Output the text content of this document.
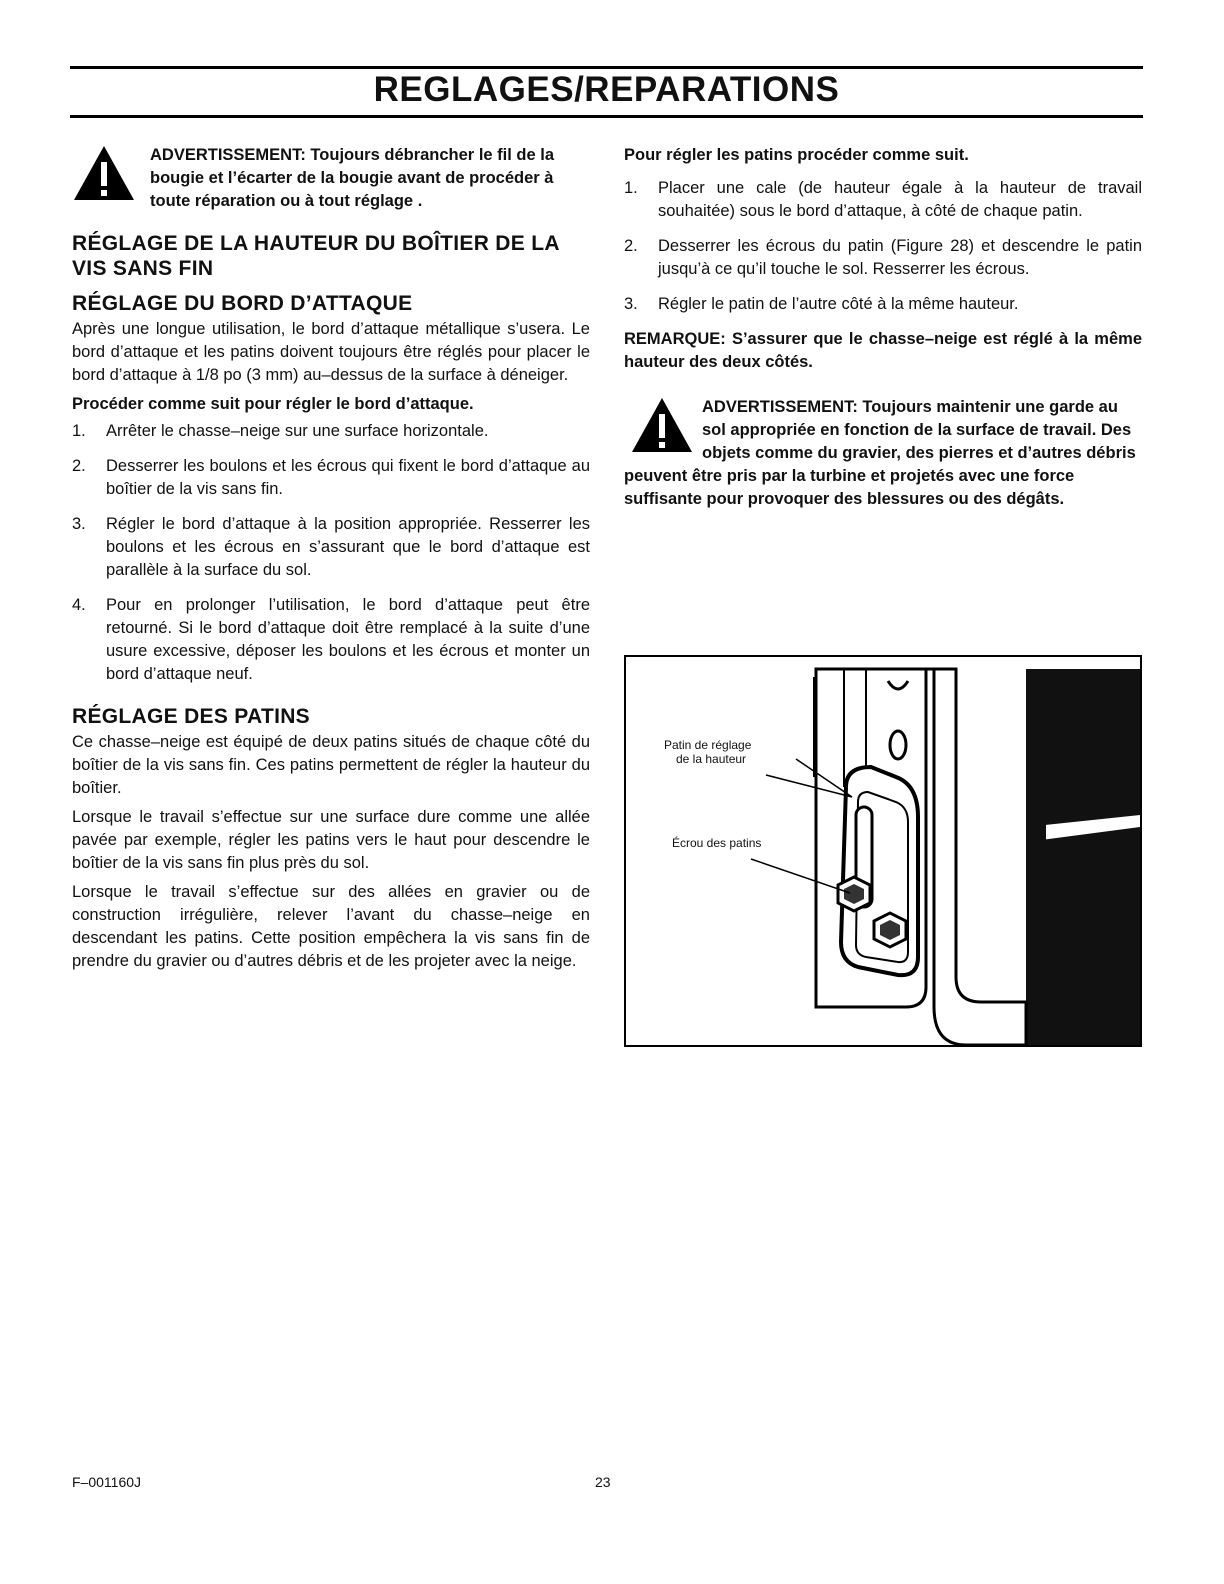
REGLAGES/REPARATIONS

ADVERTISSEMENT: Toujours débrancher le fil de la bougie et l’écarter de la bougie avant de procéder à toute réparation ou à tout réglage .

RÉGLAGE DE LA HAUTEUR DU BOÎTIER DE LA VIS SANS FIN
RÉGLAGE DU BORD D’ATTAQUE

Après une longue utilisation, le bord d’attaque métallique s’usera. Le bord d’attaque et les patins doivent toujours être réglés pour placer le bord d’attaque à 1/8 po (3 mm) au–dessus de la surface à déneiger.

Procéder comme suit pour régler le bord d’attaque.

1. Arrêter le chasse–neige sur une surface horizontale.
2. Desserrer les boulons et les écrous qui fixent le bord d’attaque au boîtier de la vis sans fin.
3. Régler le bord d’attaque à la position appropriée. Resserrer les boulons et les écrous en s’assurant que le bord d’attaque est parallèle à la surface du sol.
4. Pour en prolonger l’utilisation, le bord d’attaque peut être retourné. Si le bord d’attaque doit être remplacé à la suite d’une usure excessive, déposer les boulons et les écrous et monter un bord d’attaque neuf.
RÉGLAGE DES PATINS

Ce chasse–neige est équipé de deux patins situés de chaque côté du boîtier de la vis sans fin. Ces patins permettent de régler la hauteur du boîtier.

Lorsque le travail s’effectue sur une surface dure comme une allée pavée par exemple, régler les patins vers le haut pour descendre le boîtier de la vis sans fin plus près du sol.

Lorsque le travail s’effectue sur des allées en gravier ou de construction irrégulière, relever l’avant du chasse–neige en descendant les patins. Cette position empêchera la vis sans fin de prendre du gravier ou d’autres débris et de les projeter avec la neige.

Pour régler les patins procéder comme suit.

1. Placer une cale (de hauteur égale à la hauteur de travail souhaitée) sous le bord d’attaque, à côté de chaque patin.
2. Desserrer les écrous du patin (Figure 28) et descendre le patin jusqu’à ce qu’il touche le sol. Resserrer les écrous.
3. Régler le patin de l’autre côté à la même hauteur.

REMARQUE: S’assurer que le chasse–neige est réglé à la même hauteur des deux côtés.

ADVERTISSEMENT: Toujours maintenir une garde au sol appropriée en fonction de la surface de travail. Des objets comme du gravier, des pierres et d’autres débris peuvent être pris par la turbine et projetés avec une force suffisante pour provoquer des blessures ou des dégâts.

Patin de réglage
de la hauteur
Écrou des patins
Figure 28
F–001160J	23
